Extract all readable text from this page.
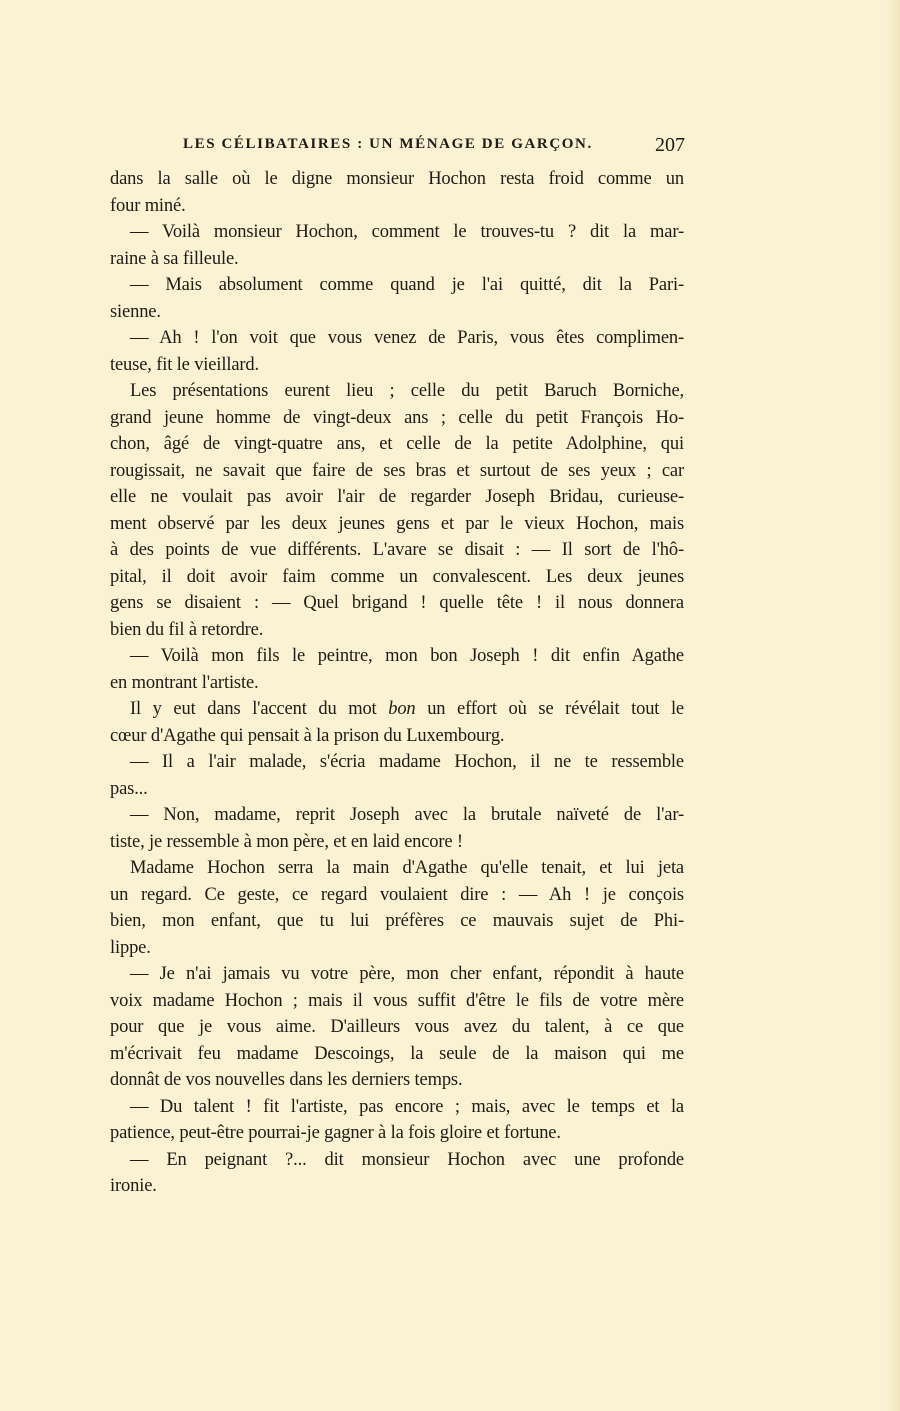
LES CÉLIBATAIRES : UN MÉNAGE DE GARÇON.	207
dans la salle où le digne monsieur Hochon resta froid comme un
four miné.
— Voilà monsieur Hochon, comment le trouves-tu ? dit la mar-
raine à sa filleule.
— Mais absolument comme quand je l'ai quitté, dit la Pari-
sienne.
— Ah ! l'on voit que vous venez de Paris, vous êtes complimen-
teuse, fit le vieillard.
Les présentations eurent lieu ; celle du petit Baruch Borniche,
grand jeune homme de vingt-deux ans ; celle du petit François Ho-
chon, âgé de vingt-quatre ans, et celle de la petite Adolphine, qui
rougissait, ne savait que faire de ses bras et surtout de ses yeux ; car
elle ne voulait pas avoir l'air de regarder Joseph Bridau, curieuse-
ment observé par les deux jeunes gens et par le vieux Hochon, mais
à des points de vue différents. L'avare se disait : — Il sort de l'hô-
pital, il doit avoir faim comme un convalescent. Les deux jeunes
gens se disaient : — Quel brigand ! quelle tête ! il nous donnera
bien du fil à retordre.
— Voilà mon fils le peintre, mon bon Joseph ! dit enfin Agathe
en montrant l'artiste.
Il y eut dans l'accent du mot bon un effort où se révélait tout le
cœur d'Agathe qui pensait à la prison du Luxembourg.
— Il a l'air malade, s'écria madame Hochon, il ne te ressemble
pas...
— Non, madame, reprit Joseph avec la brutale naïveté de l'ar-
tiste, je ressemble à mon père, et en laid encore !
Madame Hochon serra la main d'Agathe qu'elle tenait, et lui jeta
un regard. Ce geste, ce regard voulaient dire : — Ah ! je conçois
bien, mon enfant, que tu lui préfères ce mauvais sujet de Phi-
lippe.
— Je n'ai jamais vu votre père, mon cher enfant, répondit à haute
voix madame Hochon ; mais il vous suffit d'être le fils de votre mère
pour que je vous aime. D'ailleurs vous avez du talent, à ce que
m'écrivait feu madame Descoings, la seule de la maison qui me
donnât de vos nouvelles dans les derniers temps.
— Du talent ! fit l'artiste, pas encore ; mais, avec le temps et la
patience, peut-être pourrai-je gagner à la fois gloire et fortune.
— En peignant ?... dit monsieur Hochon avec une profonde
ironie.
